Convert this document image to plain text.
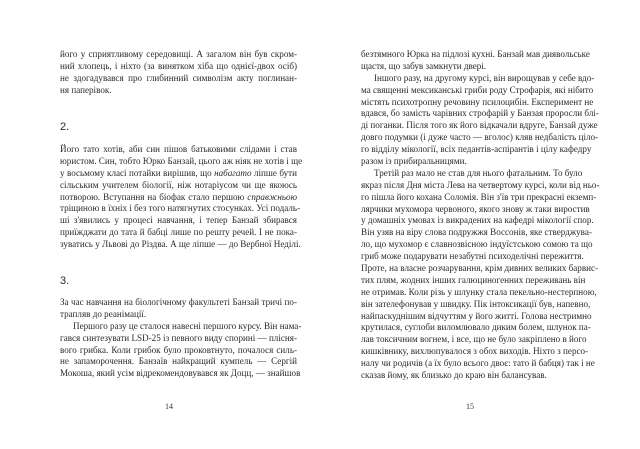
його у сприятливому середовищі. А загалом він був скром-
ний хлопець, і ніхто (за винятком хіба що однієї-двох осіб)
не здогадувався про глибинний символізм акту поглинан-
ня паперівок.
2.
Його тато хотів, аби син пішов батьковими слідами і став
юристом. Син, тобто Юрко Банзай, цього аж ніяк не хотів і ще
у восьмому класі потайки вирішив, що набагато ліпше бути
сільським учителем біології, ніж нотаріусом чи ще якоюсь
потворою. Вступання на біофак стало першою справжньою
тріщиною в їхніх і без того натягнутих стосунках. Усі подаль-
ші з'явились у процесі навчання, і тепер Банзай збирався
приїжджати до тата й бабці лише по решту речей. І не пока-
зуватись у Львові до Різдва. А ще ліпше — до Вербної Неділі.
3.
За час навчання на біологічному факультеті Банзай тричі по-
трапляв до реанімації.
Першого разу це сталося навесні першого курсу. Він нама-
гався синтезувати LSD-25 із певного виду спорині — плісня-
вого грибка. Коли грибок було проковтнуто, почалося силь-
не запаморочення. Банзаїв найкращий кумпель — Сергій
Мокоша, який усім відрекомендовувався як Доцц, — знайшов
14
безтямного Юрка на підлозі кухні. Банзай мав диявольське
щастя, що забув замкнути двері.
Іншого разу, на другому курсі, він вирощував у себе вдо-
ма священні мексиканські гриби роду Строфарія, які нібито
містять психотропну речовину псилоцибін. Експеримент не
вдався, бо замість чарівних строфарій у Банзая проросли блі-
ді поганки. Після того як його відкачали вдруге, Банзай дуже
довго подумки (і дуже часто — вголос) кляв недбалість цілo-
го відділу мікології, всіх педантів-аспірантів і цілу кафедру
разом із прибиральницями.
Третій раз мало не став для нього фатальним. То було
якраз після Дня міста Лева на четвертому курсі, коли від ньо-
го пішла його кохана Соломія. Він з'їв три прекрасні екземп-
лярчики мухомора червоного, якого знову ж таки виростив
у домашніх умовах із викрадених на кафедрі мікології спор.
Він узяв на віру слова подружжя Воссонів, яке стверджува-
ло, що мухомор є славнозвісною індуїстською сомою та що
гриб може подарувати незабутні психоделічні пережиття.
Проте, на власне розчарування, крім дивних великих барвис-
тих плям, жодних інших галюциногенних переживань він
не отримав. Коли різь у шлунку стала пекельно-нестерпною,
він зателефонував у швидку. Пік інтоксикації був, напевно,
найпаскуднішим відчуттям у його житті. Голова нестримно
крутилася, суглоби виломлювало диким болем, шлунок па-
лав токсичним вогнем, і все, що не було закріплено в його
кишківнику, вихлюпувалося з обох виходів. Ніхто з персо-
налу чи родичів (а їх було всього двоє: тато й бабця) так і не
сказав йому, як близько до краю він балансував.
15
